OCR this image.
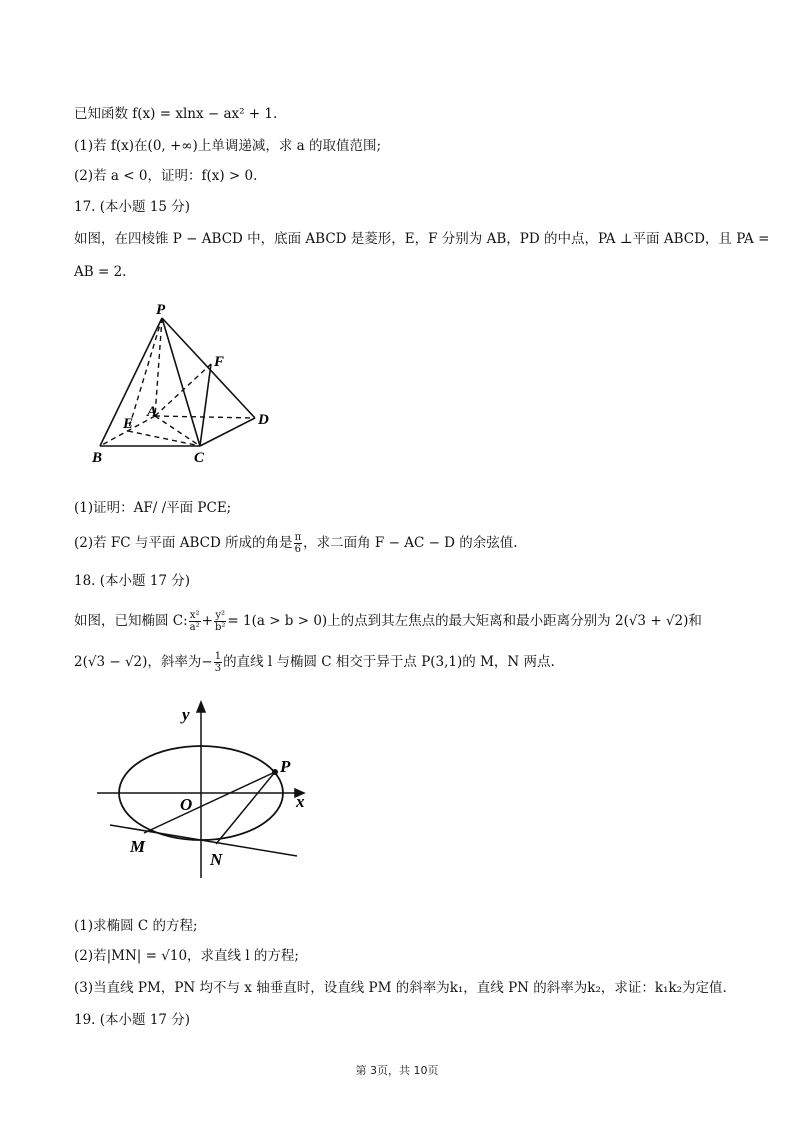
已知函数 f(x) = xlnx − ax² + 1.
(1)若 f(x)在(0, +∞)上单调递减，求 a 的取值范围;
(2)若 a < 0，证明：f(x) > 0.
17. (本小题 15 分)
如图，在四棱锥 P − ABCD 中，底面 ABCD 是菱形，E，F 分别为 AB，PD 的中点，PA ⊥平面 ABCD，且 PA =
AB = 2.
P
F
A
E	D
B	C
(1)证明：AF/ /平面 PCE;
(2)若 FC 与平面 ABCD 所成的角是 $\frac{\pi}{6}$ ，求二面角 F − AC − D 的余弦值.
18. (本小题 17 分)
如图，已知椭圆 C: $\frac{\text{x²}}{\text{a²}} + \frac{\text{y²}}{\text{b²}} = 1(a > b > 0)$上的点到其左焦点的最大矩离和最小距离分别为 2(√3 + √2)和
2(√3 − √2)，斜率为− $\frac{1}{3}$ 的直线 l 与椭圆 C 相交于异于点 P(3,1)的 M，N 两点.
y
x
O
P
M
N
(1)求椭圆 C 的方程;
(2)若|MN| = √10，求直线 l 的方程;
(3)当直线 PM，PN 均不与 x 轴垂直时，设直线 PM 的斜率为k₁，直线 PN 的斜率为k₂，求证：k₁k₂为定值.
19. (本小题 17 分)
第 3页，共 10页
